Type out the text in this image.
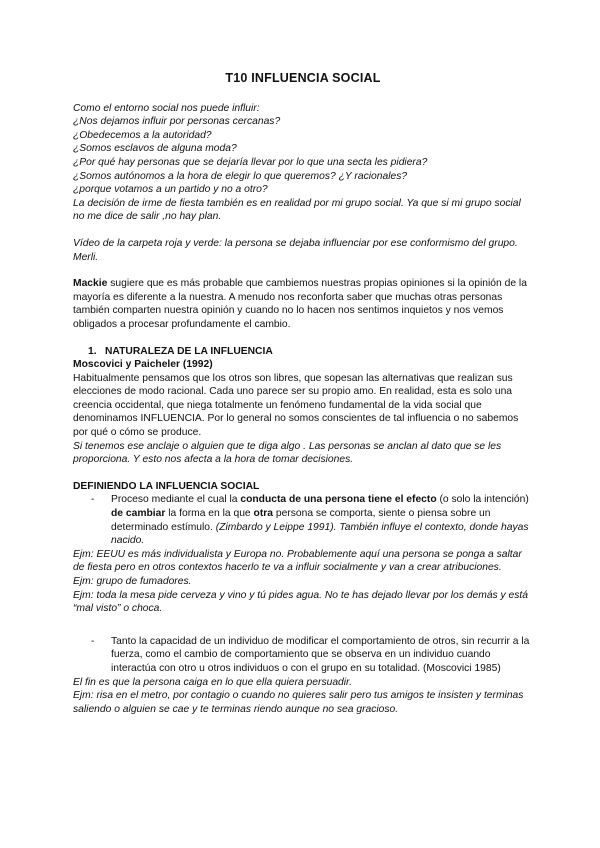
T10 INFLUENCIA SOCIAL

Como el entorno social nos puede influir:

¿Nos dejamos influir por personas cercanas?

¿Obedecemos a la autoridad?

¿Somos esclavos de alguna moda?

¿Por qué hay personas que se dejaría llevar por lo que una secta les pidiera?

¿Somos autónomos a la hora de elegir lo que queremos? ¿Y racionales?

¿porque votamos a un partido y no a otro?

La decisión de irme de fiesta también es en realidad por mi grupo social. Ya que si mi grupo social no me dice de salir ,no hay plan.

Vídeo de la carpeta roja y verde: la persona se dejaba influenciar por ese conformismo del grupo. Merli.

Mackie sugiere que es más probable que cambiemos nuestras propias opiniones si la opinión de la mayoría es diferente a la nuestra. A menudo nos reconforta saber que muchas otras personas también comparten nuestra opinión y cuando no lo hacen nos sentimos inquietos y nos vemos obligados a procesar profundamente el cambio.

1. NATURALEZA DE LA INFLUENCIA

Moscovici y Paicheler (1992)

Habitualmente pensamos que los otros son libres, que sopesan las alternativas que realizan sus elecciones de modo racional. Cada uno parece ser su propio amo. En realidad, esta es solo una creencia occidental, que niega totalmente un fenómeno fundamental de la vida social que denominamos INFLUENCIA. Por lo general no somos conscientes de tal influencia o no sabemos por qué o cómo se produce.

Si tenemos ese anclaje o alguien que te diga algo . Las personas se anclan al dato que se les proporciona. Y esto nos afecta a la hora de tomar decisiones.

DEFINIENDO LA INFLUENCIA SOCIAL

-	Proceso mediante el cual la conducta de una persona tiene el efecto (o solo la intención) de cambiar la forma en la que otra persona se comporta, siente o piensa sobre un determinado estímulo. (Zimbardo y Leippe 1991). También influye el contexto, donde hayas nacido.

Ejm: EEUU es más individualista y Europa no. Probablemente aquí una persona se ponga a saltar de fiesta pero en otros contextos hacerlo te va a influir socialmente y van a crear atribuciones.

Ejm: grupo de fumadores.

Ejm: toda la mesa pide cerveza y vino y tú pides agua. No te has dejado llevar por los demás y está “mal visto” o choca.

-	Tanto la capacidad de un individuo de modificar el comportamiento de otros, sin recurrir a la fuerza, como el cambio de comportamiento que se observa en un individuo cuando interactúa con otro u otros individuos o con el grupo en su totalidad. (Moscovici 1985)

El fin es que la persona caiga en lo que ella quiera persuadir.

Ejm: risa en el metro, por contagio o cuando no quieres salir pero tus amigos te insisten y terminas saliendo o alguien se cae y te terminas riendo aunque no sea gracioso.
